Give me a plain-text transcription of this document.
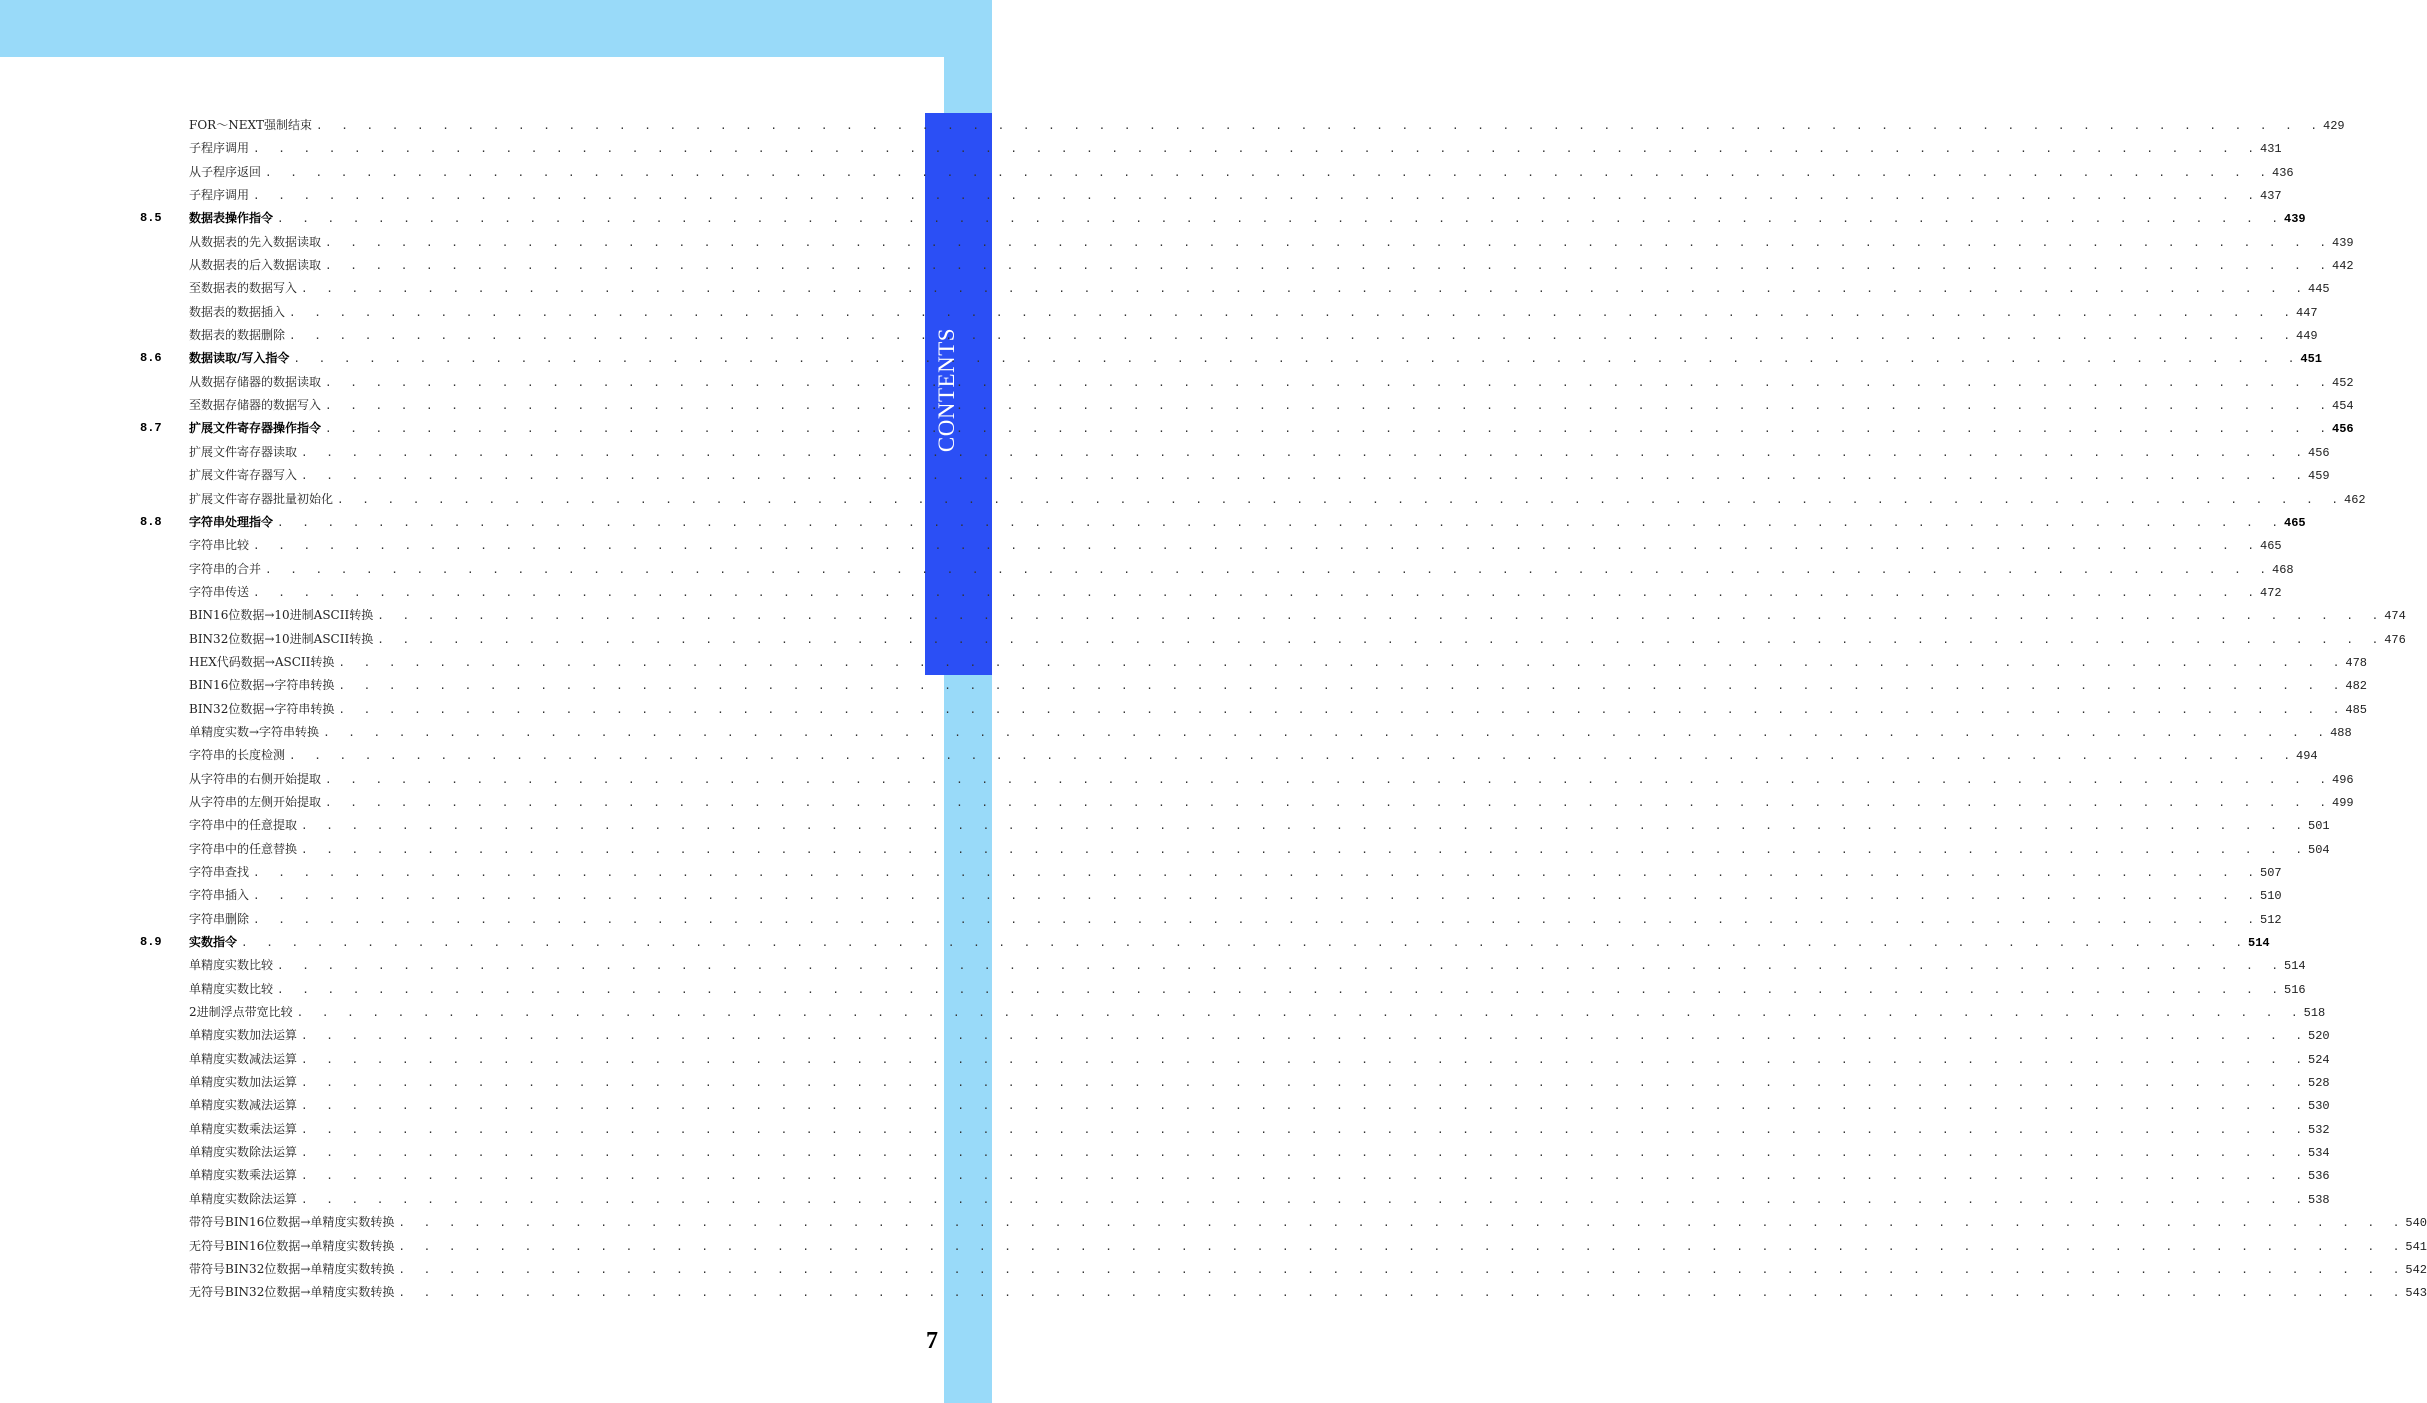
CONTENTS
FOR～NEXT强制结束 . . . . . . . . . . . . . . . . . . . . . . . . . . . . . . . . . . . . . . . . . . . . . . . . . . . . . . . . . . . . . . . . . . . . . . . . . . . . . . . . 429
子程序调用 . . . . . . . . . . . . . . . . . . . . . . . . . . . . . . . . . . . . . . . . . . . . . . . . . . . . . . . . . . . . . . . . . . . . . . . . . . . . . . . . 431
从子程序返回 . . . . . . . . . . . . . . . . . . . . . . . . . . . . . . . . . . . . . . . . . . . . . . . . . . . . . . . . . . . . . . . . . . . . . . . . . . . . . . . . 436
子程序调用 . . . . . . . . . . . . . . . . . . . . . . . . . . . . . . . . . . . . . . . . . . . . . . . . . . . . . . . . . . . . . . . . . . . . . . . . . . . . . . . . 437
8.5	数据表操作指令 . . . . . . . . . . . . . . . . . . . . . . . . . . . . . . . . . . . . . . . . . . . . . . . . . . . . . . . . . . . . . . . . . . . . . . . . . . . . . . . . 439
从数据表的先入数据读取 . . . . . . . . . . . . . . . . . . . . . . . . . . . . . . . . . . . . . . . . . . . . . . . . . . . . . . . . . . . . . . . . . . . . . . . . . . . . . . . . 439
从数据表的后入数据读取 . . . . . . . . . . . . . . . . . . . . . . . . . . . . . . . . . . . . . . . . . . . . . . . . . . . . . . . . . . . . . . . . . . . . . . . . . . . . . . . . 442
至数据表的数据写入 . . . . . . . . . . . . . . . . . . . . . . . . . . . . . . . . . . . . . . . . . . . . . . . . . . . . . . . . . . . . . . . . . . . . . . . . . . . . . . . . 445
数据表的数据插入 . . . . . . . . . . . . . . . . . . . . . . . . . . . . . . . . . . . . . . . . . . . . . . . . . . . . . . . . . . . . . . . . . . . . . . . . . . . . . . . . 447
数据表的数据删除 . . . . . . . . . . . . . . . . . . . . . . . . . . . . . . . . . . . . . . . . . . . . . . . . . . . . . . . . . . . . . . . . . . . . . . . . . . . . . . . . 449
8.6	数据读取/写入指令 . . . . . . . . . . . . . . . . . . . . . . . . . . . . . . . . . . . . . . . . . . . . . . . . . . . . . . . . . . . . . . . . . . . . . . . . . . . . . . . . 451
从数据存储器的数据读取 . . . . . . . . . . . . . . . . . . . . . . . . . . . . . . . . . . . . . . . . . . . . . . . . . . . . . . . . . . . . . . . . . . . . . . . . . . . . . . . . 452
至数据存储器的数据写入 . . . . . . . . . . . . . . . . . . . . . . . . . . . . . . . . . . . . . . . . . . . . . . . . . . . . . . . . . . . . . . . . . . . . . . . . . . . . . . . . 454
8.7	扩展文件寄存器操作指令 . . . . . . . . . . . . . . . . . . . . . . . . . . . . . . . . . . . . . . . . . . . . . . . . . . . . . . . . . . . . . . . . . . . . . . . . . . . . . . . . 456
扩展文件寄存器读取 . . . . . . . . . . . . . . . . . . . . . . . . . . . . . . . . . . . . . . . . . . . . . . . . . . . . . . . . . . . . . . . . . . . . . . . . . . . . . . . . 456
扩展文件寄存器写入 . . . . . . . . . . . . . . . . . . . . . . . . . . . . . . . . . . . . . . . . . . . . . . . . . . . . . . . . . . . . . . . . . . . . . . . . . . . . . . . . 459
扩展文件寄存器批量初始化 . . . . . . . . . . . . . . . . . . . . . . . . . . . . . . . . . . . . . . . . . . . . . . . . . . . . . . . . . . . . . . . . . . . . . . . . . . . . . . . . 462
8.8	字符串处理指令 . . . . . . . . . . . . . . . . . . . . . . . . . . . . . . . . . . . . . . . . . . . . . . . . . . . . . . . . . . . . . . . . . . . . . . . . . . . . . . . . 465
字符串比较 . . . . . . . . . . . . . . . . . . . . . . . . . . . . . . . . . . . . . . . . . . . . . . . . . . . . . . . . . . . . . . . . . . . . . . . . . . . . . . . . 465
字符串的合并 . . . . . . . . . . . . . . . . . . . . . . . . . . . . . . . . . . . . . . . . . . . . . . . . . . . . . . . . . . . . . . . . . . . . . . . . . . . . . . . . 468
字符串传送 . . . . . . . . . . . . . . . . . . . . . . . . . . . . . . . . . . . . . . . . . . . . . . . . . . . . . . . . . . . . . . . . . . . . . . . . . . . . . . . . 472
BIN16位数据→10进制ASCII转换 . . . . . . . . . . . . . . . . . . . . . . . . . . . . . . . . . . . . . . . . . . . . . . . . . . . . . . . . . . . . . . . . . . . . . . . . . . . . . . . . 474
BIN32位数据→10进制ASCII转换 . . . . . . . . . . . . . . . . . . . . . . . . . . . . . . . . . . . . . . . . . . . . . . . . . . . . . . . . . . . . . . . . . . . . . . . . . . . . . . . . 476
HEX代码数据→ASCII转换 . . . . . . . . . . . . . . . . . . . . . . . . . . . . . . . . . . . . . . . . . . . . . . . . . . . . . . . . . . . . . . . . . . . . . . . . . . . . . . . . 478
BIN16位数据→字符串转换 . . . . . . . . . . . . . . . . . . . . . . . . . . . . . . . . . . . . . . . . . . . . . . . . . . . . . . . . . . . . . . . . . . . . . . . . . . . . . . . . 482
BIN32位数据→字符串转换 . . . . . . . . . . . . . . . . . . . . . . . . . . . . . . . . . . . . . . . . . . . . . . . . . . . . . . . . . . . . . . . . . . . . . . . . . . . . . . . . 485
单精度实数→字符串转换 . . . . . . . . . . . . . . . . . . . . . . . . . . . . . . . . . . . . . . . . . . . . . . . . . . . . . . . . . . . . . . . . . . . . . . . . . . . . . . . . 488
字符串的长度检测 . . . . . . . . . . . . . . . . . . . . . . . . . . . . . . . . . . . . . . . . . . . . . . . . . . . . . . . . . . . . . . . . . . . . . . . . . . . . . . . . 494
从字符串的右侧开始提取 . . . . . . . . . . . . . . . . . . . . . . . . . . . . . . . . . . . . . . . . . . . . . . . . . . . . . . . . . . . . . . . . . . . . . . . . . . . . . . . . 496
从字符串的左侧开始提取 . . . . . . . . . . . . . . . . . . . . . . . . . . . . . . . . . . . . . . . . . . . . . . . . . . . . . . . . . . . . . . . . . . . . . . . . . . . . . . . . 499
字符串中的任意提取 . . . . . . . . . . . . . . . . . . . . . . . . . . . . . . . . . . . . . . . . . . . . . . . . . . . . . . . . . . . . . . . . . . . . . . . . . . . . . . . . 501
字符串中的任意替换 . . . . . . . . . . . . . . . . . . . . . . . . . . . . . . . . . . . . . . . . . . . . . . . . . . . . . . . . . . . . . . . . . . . . . . . . . . . . . . . . 504
字符串查找 . . . . . . . . . . . . . . . . . . . . . . . . . . . . . . . . . . . . . . . . . . . . . . . . . . . . . . . . . . . . . . . . . . . . . . . . . . . . . . . . 507
字符串插入 . . . . . . . . . . . . . . . . . . . . . . . . . . . . . . . . . . . . . . . . . . . . . . . . . . . . . . . . . . . . . . . . . . . . . . . . . . . . . . . . 510
字符串删除 . . . . . . . . . . . . . . . . . . . . . . . . . . . . . . . . . . . . . . . . . . . . . . . . . . . . . . . . . . . . . . . . . . . . . . . . . . . . . . . . 512
8.9	实数指令 . . . . . . . . . . . . . . . . . . . . . . . . . . . . . . . . . . . . . . . . . . . . . . . . . . . . . . . . . . . . . . . . . . . . . . . . . . . . . . . . 514
单精度实数比较 . . . . . . . . . . . . . . . . . . . . . . . . . . . . . . . . . . . . . . . . . . . . . . . . . . . . . . . . . . . . . . . . . . . . . . . . . . . . . . . . 514
单精度实数比较 . . . . . . . . . . . . . . . . . . . . . . . . . . . . . . . . . . . . . . . . . . . . . . . . . . . . . . . . . . . . . . . . . . . . . . . . . . . . . . . . 516
2进制浮点带宽比较 . . . . . . . . . . . . . . . . . . . . . . . . . . . . . . . . . . . . . . . . . . . . . . . . . . . . . . . . . . . . . . . . . . . . . . . . . . . . . . . . 518
单精度实数加法运算 . . . . . . . . . . . . . . . . . . . . . . . . . . . . . . . . . . . . . . . . . . . . . . . . . . . . . . . . . . . . . . . . . . . . . . . . . . . . . . . . 520
单精度实数减法运算 . . . . . . . . . . . . . . . . . . . . . . . . . . . . . . . . . . . . . . . . . . . . . . . . . . . . . . . . . . . . . . . . . . . . . . . . . . . . . . . . 524
单精度实数加法运算 . . . . . . . . . . . . . . . . . . . . . . . . . . . . . . . . . . . . . . . . . . . . . . . . . . . . . . . . . . . . . . . . . . . . . . . . . . . . . . . . 528
单精度实数减法运算 . . . . . . . . . . . . . . . . . . . . . . . . . . . . . . . . . . . . . . . . . . . . . . . . . . . . . . . . . . . . . . . . . . . . . . . . . . . . . . . . 530
单精度实数乘法运算 . . . . . . . . . . . . . . . . . . . . . . . . . . . . . . . . . . . . . . . . . . . . . . . . . . . . . . . . . . . . . . . . . . . . . . . . . . . . . . . . 532
单精度实数除法运算 . . . . . . . . . . . . . . . . . . . . . . . . . . . . . . . . . . . . . . . . . . . . . . . . . . . . . . . . . . . . . . . . . . . . . . . . . . . . . . . . 534
单精度实数乘法运算 . . . . . . . . . . . . . . . . . . . . . . . . . . . . . . . . . . . . . . . . . . . . . . . . . . . . . . . . . . . . . . . . . . . . . . . . . . . . . . . . 536
单精度实数除法运算 . . . . . . . . . . . . . . . . . . . . . . . . . . . . . . . . . . . . . . . . . . . . . . . . . . . . . . . . . . . . . . . . . . . . . . . . . . . . . . . . 538
带符号BIN16位数据→单精度实数转换 . . . . . . . . . . . . . . . . . . . . . . . . . . . . . . . . . . . . . . . . . . . . . . . . . . . . . . . . . . . . . . . . . . . . . . . . . . . . . . . . 540
无符号BIN16位数据→单精度实数转换 . . . . . . . . . . . . . . . . . . . . . . . . . . . . . . . . . . . . . . . . . . . . . . . . . . . . . . . . . . . . . . . . . . . . . . . . . . . . . . . . 541
带符号BIN32位数据→单精度实数转换 . . . . . . . . . . . . . . . . . . . . . . . . . . . . . . . . . . . . . . . . . . . . . . . . . . . . . . . . . . . . . . . . . . . . . . . . . . . . . . . . 542
无符号BIN32位数据→单精度实数转换 . . . . . . . . . . . . . . . . . . . . . . . . . . . . . . . . . . . . . . . . . . . . . . . . . . . . . . . . . . . . . . . . . . . . . . . . . . . . . . . . 543
7
